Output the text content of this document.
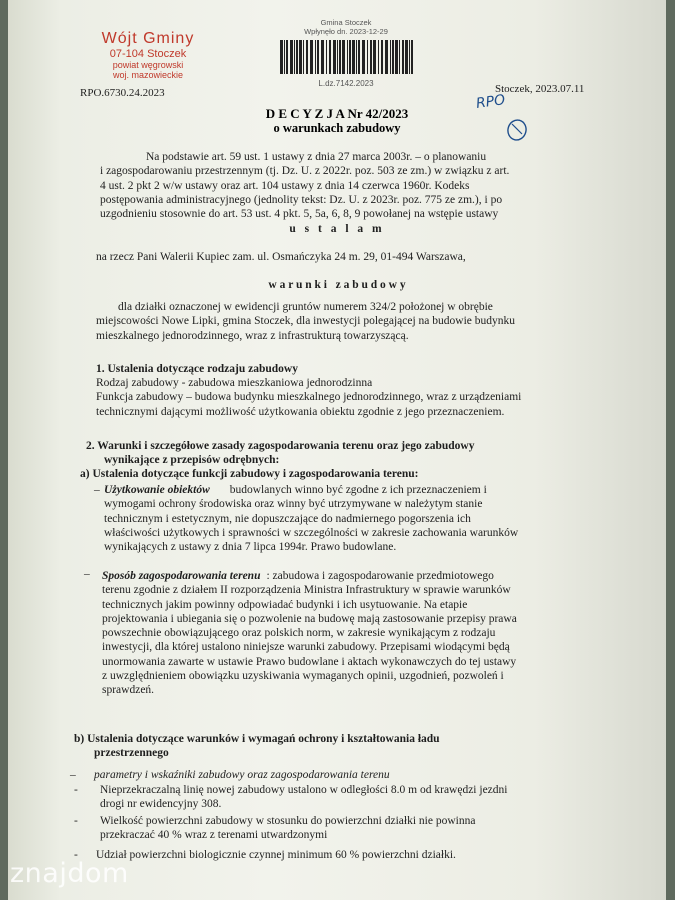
Wójt Gminy
07-104 Stoczek
powiat węgrowski
woj. mazowieckie
RPO.6730.24.2023
Gmina Stoczek
Wpłynęło dn. 2023-12-29
L.dz.7142.2023	Stoczek, 2023.07.11
RPO
D E C Y Z J A Nr 42/2023
o warunkach zabudowy
Na podstawie art. 59 ust. 1 ustawy z dnia 27 marca 2003r. – o planowaniu
i zagospodarowaniu przestrzennym (tj. Dz. U. z 2022r. poz. 503 ze zm.) w związku z art.
4 ust. 2 pkt 2 w/w ustawy oraz art. 104 ustawy z dnia 14 czerwca 1960r. Kodeks
postępowania administracyjnego (jednolity tekst: Dz. U. z 2023r. poz. 775 ze zm.), i po
uzgodnieniu stosownie do art. 53 ust. 4 pkt. 5, 5a, 6, 8, 9 powołanej na wstępie ustawy
u s t a l a m
na rzecz Pani Walerii Kupiec zam. ul. Osmańczyka 24 m. 29, 01-494 Warszawa,
w a r u n k i   z a b u d o w y
dla działki oznaczonej w ewidencji gruntów numerem 324/2 położonej w obrębie
miejscowości Nowe Lipki, gmina Stoczek, dla inwestycji polegającej na budowie budynku
mieszkalnego jednorodzinnego, wraz z infrastrukturą towarzyszącą.
1. Ustalenia dotyczące rodzaju zabudowy
Rodzaj zabudowy - zabudowa mieszkaniowa jednorodzinna
Funkcja zabudowy – budowa budynku mieszkalnego jednorodzinnego, wraz z urządzeniami
technicznymi dającymi możliwość użytkowania obiektu zgodnie z jego przeznaczeniem.
2. Warunki i szczegółowe zasady zagospodarowania terenu oraz jego zabudowy
wynikające z przepisów odrębnych:
a) Ustalenia dotyczące funkcji zabudowy i zagospodarowania terenu:
– Użytkowanie obiektów budowlanych winno być zgodne z ich przeznaczeniem i
wymogami ochrony środowiska oraz winny być utrzymywane w należytym stanie
technicznym i estetycznym, nie dopuszczające do nadmiernego pogorszenia ich
właściwości użytkowych i sprawności w szczególności w zakresie zachowania warunków
wynikających z ustawy z dnia 7 lipca 1994r. Prawo budowlane.
– Sposób zagospodarowania terenu : zabudowa i zagospodarowanie przedmiotowego
terenu zgodnie z działem II rozporządzenia Ministra Infrastruktury w sprawie warunków
technicznych jakim powinny odpowiadać budynki i ich usytuowanie. Na etapie
projektowania i ubiegania się o pozwolenie na budowę mają zastosowanie przepisy prawa
powszechnie obowiązującego oraz polskich norm, w zakresie wynikającym z rodzaju
inwestycji, dla której ustalono niniejsze warunki zabudowy. Przepisami wiodącymi będą
unormowania zawarte w ustawie Prawo budowlane i aktach wykonawczych do tej ustawy
z uwzględnieniem obowiązku uzyskiwania wymaganych opinii, uzgodnień, pozwoleń i
sprawdzeń.
b) Ustalenia dotyczące warunków i wymagań ochrony i kształtowania ładu
przestrzennego
– parametry i wskaźniki zabudowy oraz zagospodarowania terenu
- Nieprzekraczalną linię nowej zabudowy ustalono w odległości 8.0 m od krawędzi jezdni
drogi nr ewidencyjny 308.
- Wielkość powierzchni zabudowy w stosunku do powierzchni działki nie powinna
przekraczać 40 % wraz z terenami utwardzonymi
- Udział powierzchni biologicznie czynnej minimum 60 % powierzchni działki.
znajdom
